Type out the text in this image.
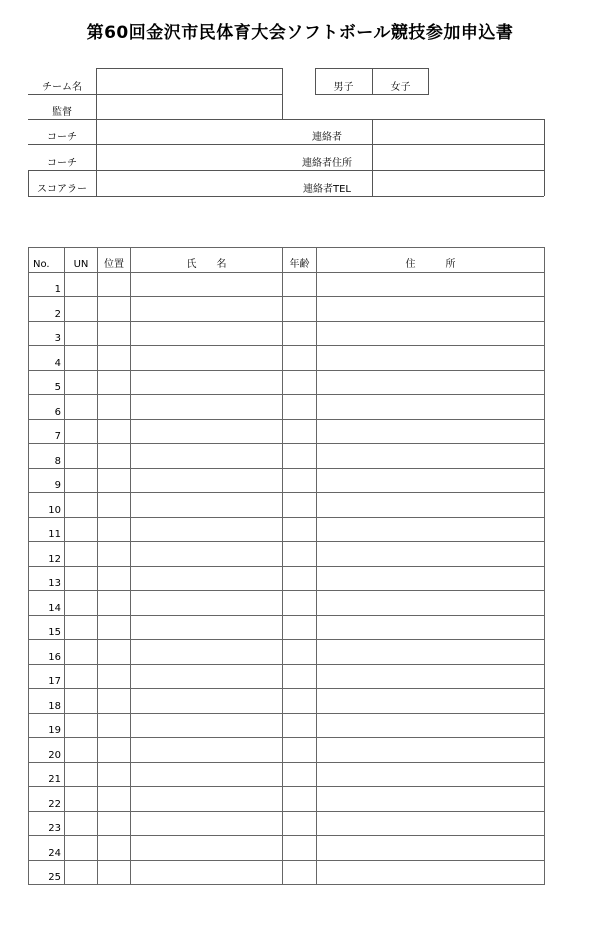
第60回金沢市民体育大会ソフトボール競技参加申込書
チーム名
監督
コーチ
コーチ
スコアラー
男子	女子
連絡者
連絡者住所
連絡者TEL
No.	UN	位置	氏　　名	年齢	住　　　所
1					
2					
3					
4					
5					
6					
7					
8					
9					
10					
11					
12					
13					
14					
15					
16					
17					
18					
19					
20					
21					
22					
23					
24					
25					
